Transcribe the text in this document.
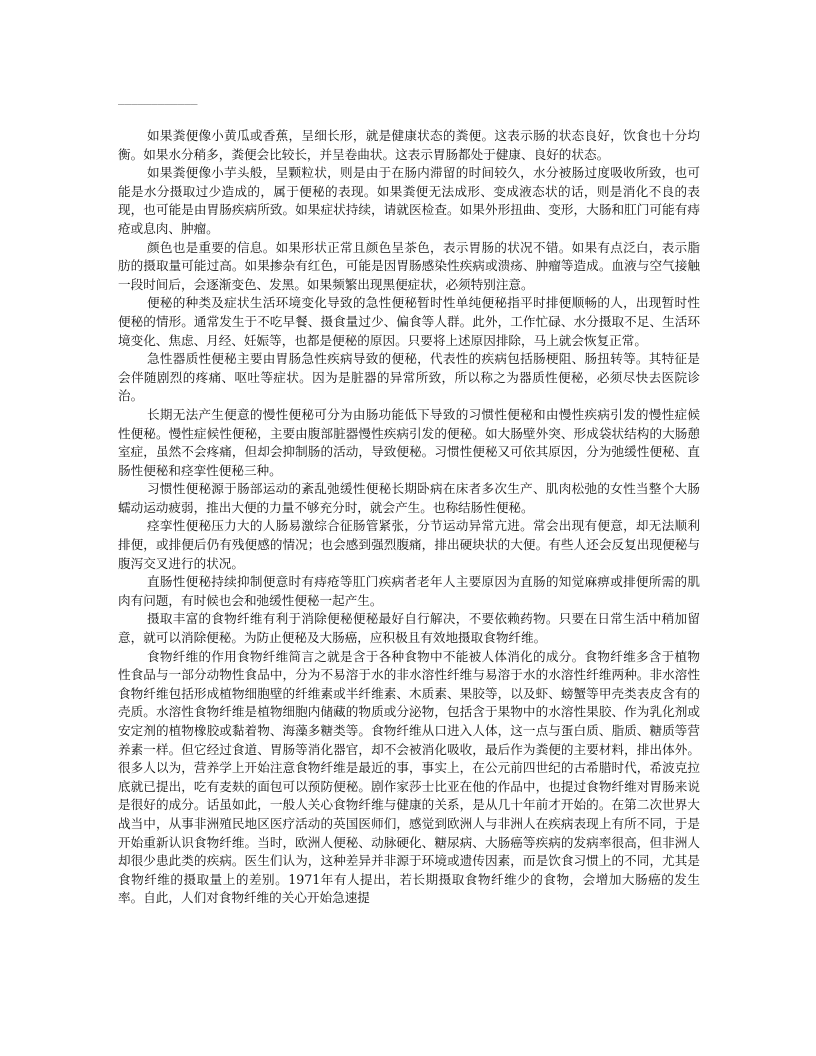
____________

如果粪便像小黄瓜或香蕉，呈细长形，就是健康状态的粪便。这表示肠的状态良好，饮食也十分均衡。如果水分稍多，粪便会比较长，并呈卷曲状。这表示胃肠都处于健康、良好的状态。

如果粪便像小芋头般，呈颗粒状，则是由于在肠内滞留的时间较久，水分被肠过度吸收所致，也可能是水分摄取过少造成的，属于便秘的表现。如果粪便无法成形、变成液态状的话，则是消化不良的表现，也可能是由胃肠疾病所致。如果症状持续，请就医检查。如果外形扭曲、变形，大肠和肛门可能有痔疮或息肉、肿瘤。

颜色也是重要的信息。如果形状正常且颜色呈茶色，表示胃肠的状况不错。如果有点泛白，表示脂肪的摄取量可能过高。如果掺杂有红色，可能是因胃肠感染性疾病或溃疡、肿瘤等造成。血液与空气接触一段时间后，会逐渐变色、发黑。如果频繁出现黑便症状，必须特别注意。

便秘的种类及症状生活环境变化导致的急性便秘暂时性单纯便秘指平时排便顺畅的人，出现暂时性便秘的情形。通常发生于不吃早餐、摄食量过少、偏食等人群。此外，工作忙碌、水分摄取不足、生活环境变化、焦虑、月经、妊娠等，也都是便秘的原因。只要将上述原因排除，马上就会恢复正常。

急性器质性便秘主要由胃肠急性疾病导致的便秘，代表性的疾病包括肠梗阻、肠扭转等。其特征是会伴随剧烈的疼痛、呕吐等症状。因为是脏器的异常所致，所以称之为器质性便秘，必须尽快去医院诊治。

长期无法产生便意的慢性便秘可分为由肠功能低下导致的习惯性便秘和由慢性疾病引发的慢性症候性便秘。慢性症候性便秘，主要由腹部脏器慢性疾病引发的便秘。如大肠壁外突、形成袋状结构的大肠憩室症，虽然不会疼痛，但却会抑制肠的活动，导致便秘。习惯性便秘又可依其原因，分为弛缓性便秘、直肠性便秘和痉挛性便秘三种。

习惯性便秘源于肠部运动的紊乱弛缓性便秘长期卧病在床者多次生产、肌肉松弛的女性当整个大肠蠕动运动疲弱，推出大便的力量不够充分时，就会产生。也称结肠性便秘。

痉挛性便秘压力大的人肠易激综合征肠管紧张，分节运动异常亢进。常会出现有便意，却无法顺利排便，或排便后仍有残便感的情况；也会感到强烈腹痛，排出硬块状的大便。有些人还会反复出现便秘与腹泻交叉进行的状况。

直肠性便秘持续抑制便意时有痔疮等肛门疾病者老年人主要原因为直肠的知觉麻痹或排便所需的肌肉有问题，有时候也会和弛缓性便秘一起产生。

摄取丰富的食物纤维有利于消除便秘便秘最好自行解决，不要依赖药物。只要在日常生活中稍加留意，就可以消除便秘。为防止便秘及大肠癌，应积极且有效地摄取食物纤维。

食物纤维的作用食物纤维简言之就是含于各种食物中不能被人体消化的成分。食物纤维多含于植物性食品与一部分动物性食品中，分为不易溶于水的非水溶性纤维与易溶于水的水溶性纤维两种。非水溶性食物纤维包括形成植物细胞壁的纤维素或半纤维素、木质素、果胶等，以及虾、螃蟹等甲壳类表皮含有的壳质。水溶性食物纤维是植物细胞内储藏的物质或分泌物，包括含于果物中的水溶性果胶、作为乳化剂或安定剂的植物橡胶或黏着物、海藻多糖类等。食物纤维从口进入人体，这一点与蛋白质、脂质、糖质等营养素一样。但它经过食道、胃肠等消化器官，却不会被消化吸收，最后作为粪便的主要材料，排出体外。很多人以为，营养学上开始注意食物纤维是最近的事，事实上，在公元前四世纪的古希腊时代，希波克拉底就已提出，吃有麦麸的面包可以预防便秘。剧作家莎士比亚在他的作品中，也提过食物纤维对胃肠来说是很好的成分。话虽如此，一般人关心食物纤维与健康的关系，是从几十年前才开始的。在第二次世界大战当中，从事非洲殖民地区医疗活动的英国医师们，感觉到欧洲人与非洲人在疾病表现上有所不同，于是开始重新认识食物纤维。当时，欧洲人便秘、动脉硬化、糖尿病、大肠癌等疾病的发病率很高，但非洲人却很少患此类的疾病。医生们认为，这种差异并非源于环境或遗传因素，而是饮食习惯上的不同，尤其是食物纤维的摄取量上的差别。1971年有人提出，若长期摄取食物纤维少的食物，会增加大肠癌的发生率。自此，人们对食物纤维的关心开始急速提
